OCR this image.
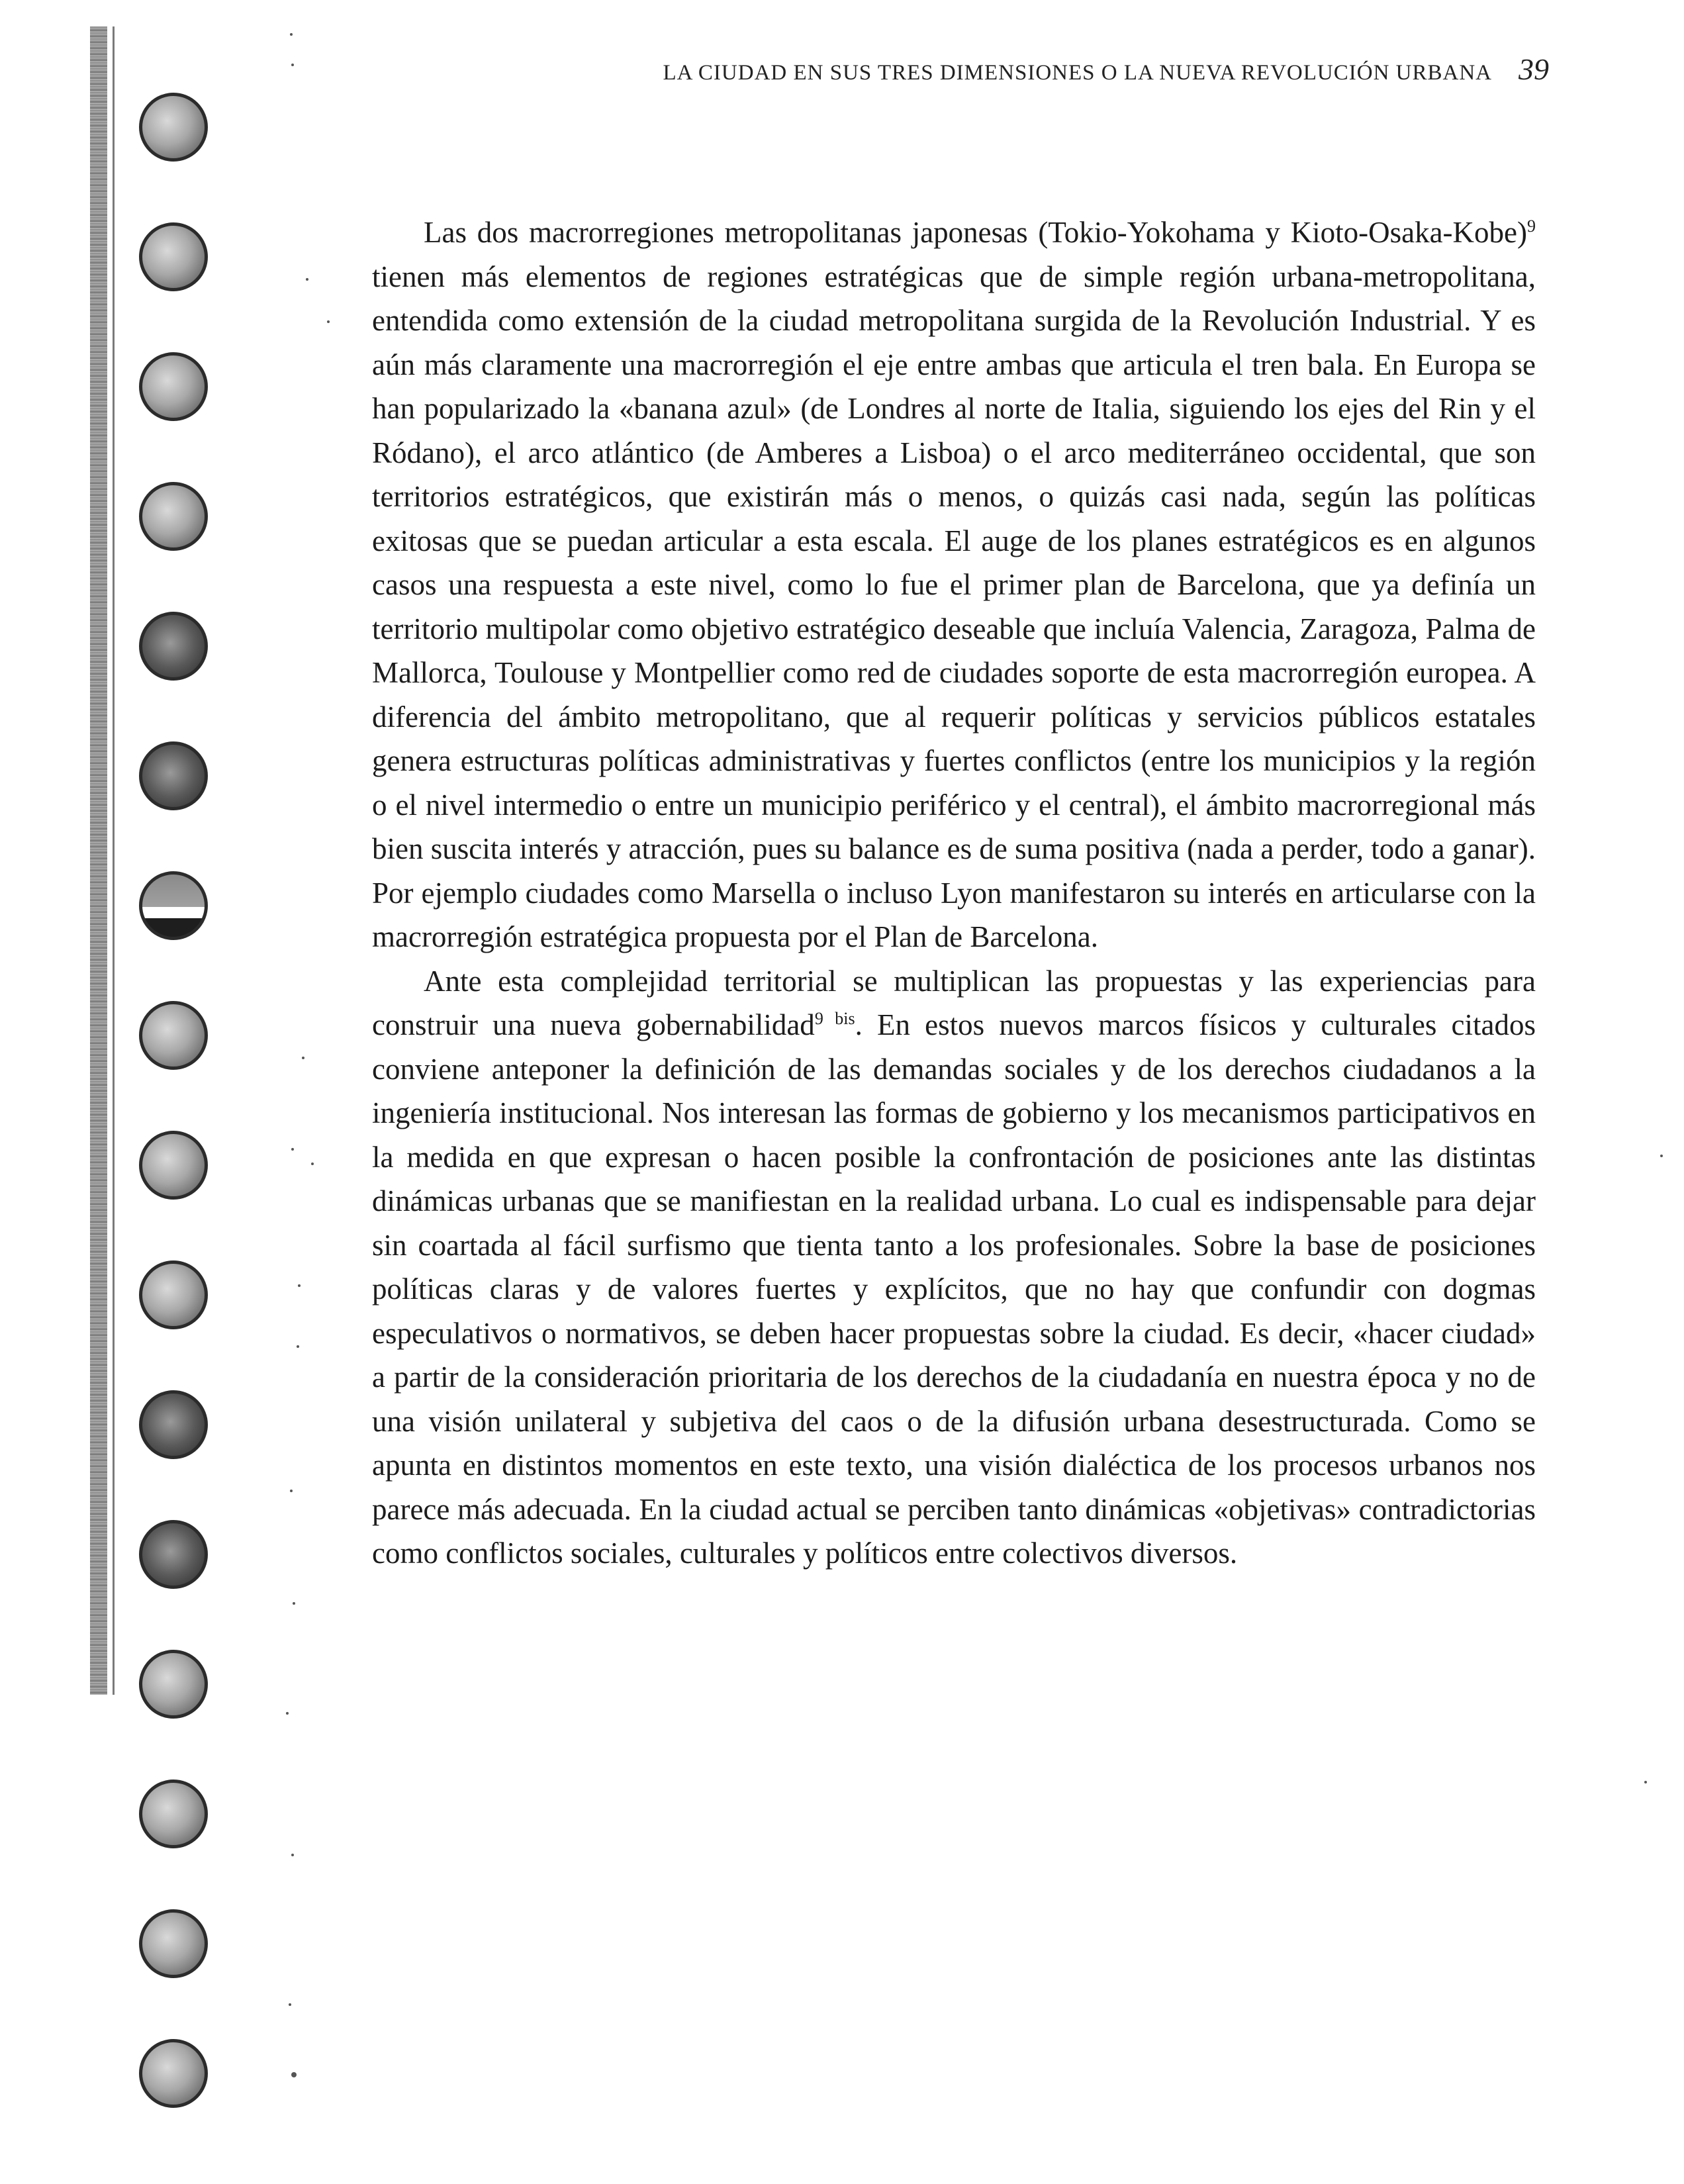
LA CIUDAD EN SUS TRES DIMENSIONES O LA NUEVA REVOLUCIÓN URBANA 39

Las dos macrorregiones metropolitanas japonesas (Tokio-Yokohama y Kioto-Osaka-Kobe)$^9$ tienen más elementos de regiones estratégicas que de simple región urbana-metropolitana, entendida como extensión de la ciudad metropolitana surgida de la Revolución Industrial. Y es aún más claramente una macrorregión el eje entre ambas que articula el tren bala. En Europa se han popularizado la «banana azul» (de Londres al norte de Italia, siguiendo los ejes del Rin y el Ródano), el arco atlántico (de Amberes a Lisboa) o el arco mediterráneo occidental, que son territorios estratégicos, que existirán más o menos, o quizás casi nada, según las políticas exitosas que se puedan articular a esta escala. El auge de los planes estratégicos es en algunos casos una respuesta a este nivel, como lo fue el primer plan de Barcelona, que ya definía un territorio multipolar como objetivo estratégico deseable que incluía Valencia, Zaragoza, Palma de Mallorca, Toulouse y Montpellier como red de ciudades soporte de esta macrorregión europea. A diferencia del ámbito metropolitano, que al requerir políticas y servicios públicos estatales genera estructuras políticas administrativas y fuertes conflictos (entre los municipios y la región o el nivel intermedio o entre un municipio periférico y el central), el ámbito macrorregional más bien suscita interés y atracción, pues su balance es de suma positiva (nada a perder, todo a ganar). Por ejemplo ciudades como Marsella o incluso Lyon manifestaron su interés en articularse con la macrorregión estratégica propuesta por el Plan de Barcelona.

Ante esta complejidad territorial se multiplican las propuestas y las experiencias para construir una nueva gobernabilidad$^{9 bis}$. En estos nuevos marcos físicos y culturales citados conviene anteponer la definición de las demandas sociales y de los derechos ciudadanos a la ingeniería institucional. Nos interesan las formas de gobierno y los mecanismos participativos en la medida en que expresan o hacen posible la confrontación de posiciones ante las distintas dinámicas urbanas que se manifiestan en la realidad urbana. Lo cual es indispensable para dejar sin coartada al fácil surfismo que tienta tanto a los profesionales. Sobre la base de posiciones políticas claras y de valores fuertes y explícitos, que no hay que confundir con dogmas especulativos o normativos, se deben hacer propuestas sobre la ciudad. Es decir, «hacer ciudad» a partir de la consideración prioritaria de los derechos de la ciudadanía en nuestra época y no de una visión unilateral y subjetiva del caos o de la difusión urbana desestructurada. Como se apunta en distintos momentos en este texto, una visión dialéctica de los procesos urbanos nos parece más adecuada. En la ciudad actual se perciben tanto dinámicas «objetivas» contradictorias como conflictos sociales, culturales y políticos entre colectivos diversos.
